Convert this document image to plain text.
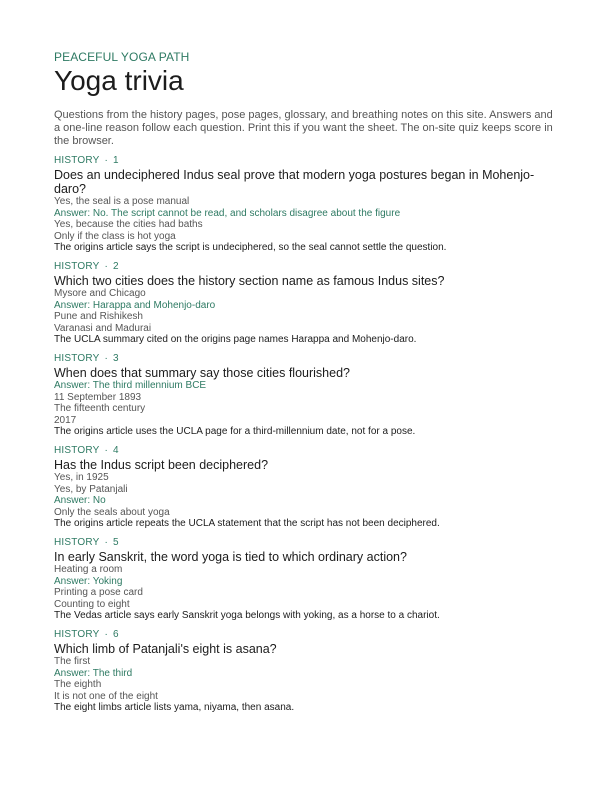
PEACEFUL YOGA PATH
Yoga trivia

Questions from the history pages, pose pages, glossary, and breathing notes on this site. Answers and a one-line reason follow each question. Print this if you want the sheet. The on-site quiz keeps score in the browser.

HISTORY · 1
Does an undeciphered Indus seal prove that modern yoga postures began in Mohenjo-daro?
Yes, the seal is a pose manual
Answer: No. The script cannot be read, and scholars disagree about the figure
Yes, because the cities had baths
Only if the class is hot yoga
The origins article says the script is undeciphered, so the seal cannot settle the question.
HISTORY · 2
Which two cities does the history section name as famous Indus sites?
Mysore and Chicago
Answer: Harappa and Mohenjo-daro
Pune and Rishikesh
Varanasi and Madurai
The UCLA summary cited on the origins page names Harappa and Mohenjo-daro.
HISTORY · 3
When does that summary say those cities flourished?
Answer: The third millennium BCE
11 September 1893
The fifteenth century
2017
The origins article uses the UCLA page for a third-millennium date, not for a pose.
HISTORY · 4
Has the Indus script been deciphered?
Yes, in 1925
Yes, by Patanjali
Answer: No
Only the seals about yoga
The origins article repeats the UCLA statement that the script has not been deciphered.
HISTORY · 5
In early Sanskrit, the word yoga is tied to which ordinary action?
Heating a room
Answer: Yoking
Printing a pose card
Counting to eight
The Vedas article says early Sanskrit yoga belongs with yoking, as a horse to a chariot.
HISTORY · 6
Which limb of Patanjali's eight is asana?
The first
Answer: The third
The eighth
It is not one of the eight
The eight limbs article lists yama, niyama, then asana.
